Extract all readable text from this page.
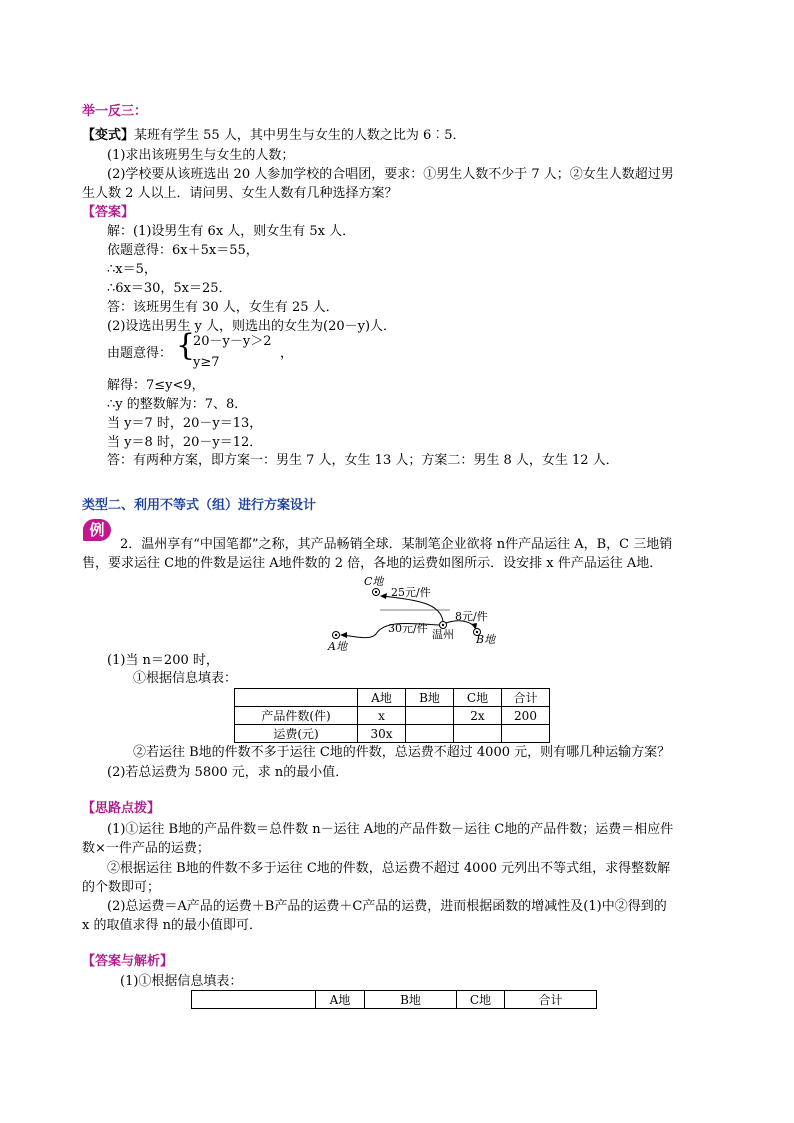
举一反三：
【变式】某班有学生 55 人，其中男生与女生的人数之比为 6︰5．
(1)求出该班男生与女生的人数；
(2)学校要从该班选出 20 人参加学校的合唱团，要求：①男生人数不少于 7 人；②女生人数超过男
生人数 2 人以上．请问男、女生人数有几种选择方案？
【答案】
解：(1)设男生有 6x 人，则女生有 5x 人．
依题意得：6x＋5x＝55，
∴x＝5，
∴6x＝30，5x＝25．
答：该班男生有 30 人，女生有 25 人．
(2)设选出男生 y 人，则选出的女生为(20－y)人．
由题意得： {
20－y－y＞2
y≥7
，
解得：7≤y<9，
∴y 的整数解为：7、8．
当 y＝7 时，20－y＝13，
当 y＝8 时，20－y＝12．
答：有两种方案，即方案一：男生 7 人，女生 13 人；方案二：男生 8 人，女生 12 人．
类型二、利用不等式（组）进行方案设计
例
2．温州享有“中国笔都”之称，其产品畅销全球．某制笔企业欲将 n件产品运往 A，B，C 三地销
售，要求运往 C地的件数是运往 A地件数的 2 倍，各地的运费如图所示．设安排 x 件产品运往 A地．
C地
25元/件
8元/件
30元/件 温州 B地
A地
(1)当 n＝200 时，
①根据信息填表：
	A地	B地	C地	合计
产品件数(件)	x		2x	200
运费(元)	30x			
②若运往 B地的件数不多于运往 C地的件数，总运费不超过 4000 元，则有哪几种运输方案？
(2)若总运费为 5800 元，求 n的最小值．
【思路点拨】
(1)①运往 B地的产品件数＝总件数 n－运往 A地的产品件数－运往 C地的产品件数；运费＝相应件
数×一件产品的运费；
②根据运往 B地的件数不多于运往 C地的件数，总运费不超过 4000 元列出不等式组，求得整数解
的个数即可；
(2)总运费＝A产品的运费＋B产品的运费＋C产品的运费，进而根据函数的增减性及(1)中②得到的
x 的取值求得 n的最小值即可．
【答案与解析】
(1)①根据信息填表：
	A地	B地	C地	合计
